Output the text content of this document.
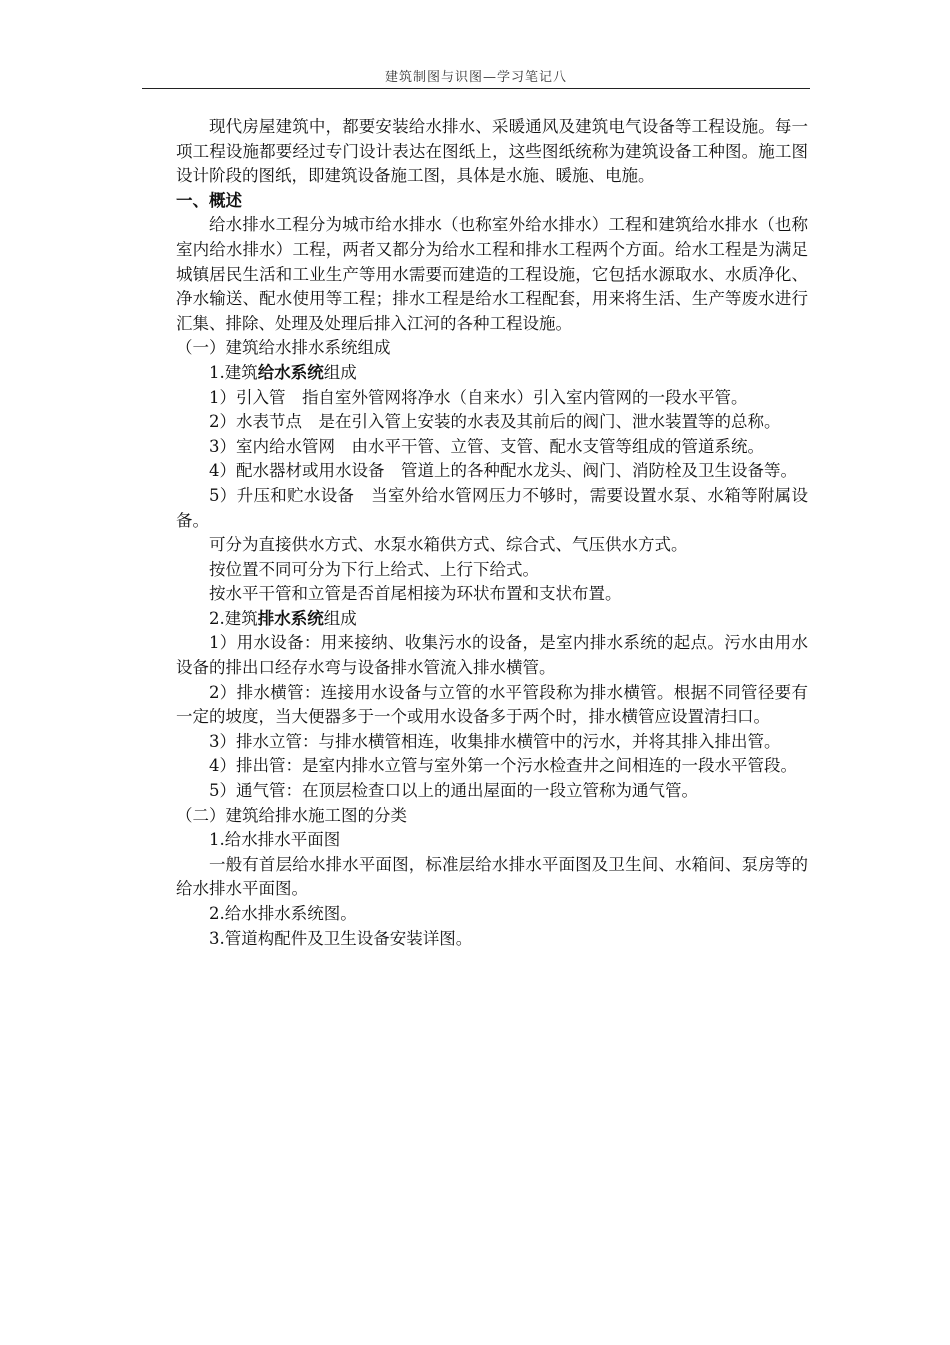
建筑制图与识图—学习笔记八

现代房屋建筑中，都要安装给水排水、采暖通风及建筑电气设备等工程设施。每一项工程设施都要经过专门设计表达在图纸上，这些图纸统称为建筑设备工种图。施工图设计阶段的图纸，即建筑设备施工图，具体是水施、暖施、电施。

一、概述

给水排水工程分为城市给水排水（也称室外给水排水）工程和建筑给水排水（也称室内给水排水）工程，两者又都分为给水工程和排水工程两个方面。给水工程是为满足城镇居民生活和工业生产等用水需要而建造的工程设施，它包括水源取水、水质净化、净水输送、配水使用等工程；排水工程是给水工程配套，用来将生活、生产等废水进行汇集、排除、处理及处理后排入江河的各种工程设施。

（一）建筑给水排水系统组成

1.建筑给水系统组成

1）引入管　指自室外管网将净水（自来水）引入室内管网的一段水平管。

2）水表节点　是在引入管上安装的水表及其前后的阀门、泄水装置等的总称。

3）室内给水管网　由水平干管、立管、支管、配水支管等组成的管道系统。

4）配水器材或用水设备　管道上的各种配水龙头、阀门、消防栓及卫生设备等。

5）升压和贮水设备　当室外给水管网压力不够时，需要设置水泵、水箱等附属设备。

可分为直接供水方式、水泵水箱供方式、综合式、气压供水方式。

按位置不同可分为下行上给式、上行下给式。

按水平干管和立管是否首尾相接为环状布置和支状布置。

2.建筑排水系统组成

1）用水设备：用来接纳、收集污水的设备，是室内排水系统的起点。污水由用水设备的排出口经存水弯与设备排水管流入排水横管。

2）排水横管：连接用水设备与立管的水平管段称为排水横管。根据不同管径要有一定的坡度，当大便器多于一个或用水设备多于两个时，排水横管应设置清扫口。

3）排水立管：与排水横管相连，收集排水横管中的污水，并将其排入排出管。

4）排出管：是室内排水立管与室外第一个污水检查井之间相连的一段水平管段。

5）通气管：在顶层检查口以上的通出屋面的一段立管称为通气管。

（二）建筑给排水施工图的分类

1.给水排水平面图

一般有首层给水排水平面图，标准层给水排水平面图及卫生间、水箱间、泵房等的给水排水平面图。

2.给水排水系统图。

3.管道构配件及卫生设备安装详图。
